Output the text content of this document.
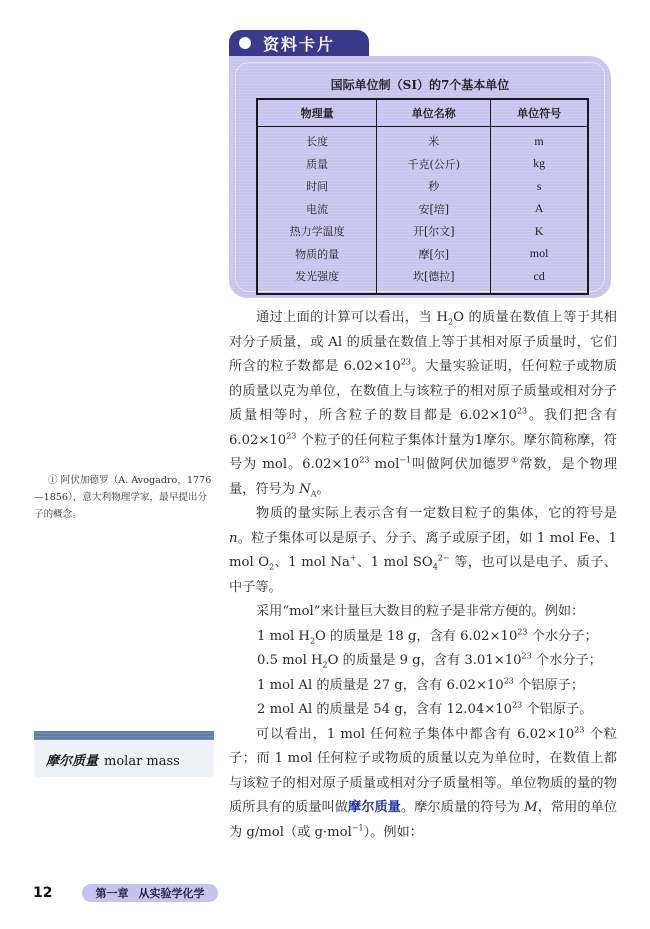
资料卡片
国际单位制（SI）的7个基本单位
物理量	单位名称	单位符号
长度	米	m
质量	千克(公斤)	kg
时间	秒	s
电流	安[培]	A
热力学温度	开[尔文]	K
物质的量	摩[尔]	mol
发光强度	坎[德拉]	cd

通过上面的计算可以看出，当 $H_2O$ 的质量在数值上等于其相对分子质量，或 Al 的质量在数值上等于其相对原子质量时，它们所含的粒子数都是 $6.02\times 10^{23}$。大量实验证明，任何粒子或物质的质量以克为单位，在数值上与该粒子的相对原子质量或相对分子质量相等时，所含粒子的数目都是 $6.02\times 10^{23}$。我们把含有 $6.02\times 10^{23}$ 个粒子的任何粒子集体计量为1摩尔。摩尔简称摩，符号为 mol。$6.02\times 10^{23}$ mol$^{-1}$叫做阿伏加德罗①常数，是个物理量，符号为 $N_A$。

物质的量实际上表示含有一定数目粒子的集体，它的符号是 n。粒子集体可以是原子、分子、离子或原子团，如 1 mol Fe、1 mol $O_2$、1 mol Na+、1 mol $SO_4^{2-}$ 等，也可以是电子、质子、中子等。

采用“mol”来计量巨大数目的粒子是非常方便的。例如：

1 mol $H_2O$ 的质量是 18 g，含有 $6.02\times 10^{23}$ 个水分子；

0.5 mol $H_2O$ 的质量是 9 g，含有 $3.01\times 10^{23}$ 个水分子；

1 mol Al 的质量是 27 g，含有 $6.02\times 10^{23}$ 个铝原子；

2 mol Al 的质量是 54 g，含有 $12.04\times 10^{23}$ 个铝原子。

可以看出，1 mol 任何粒子集体中都含有 $6.02\times 10^{23}$ 个粒子；而 1 mol 任何粒子或物质的质量以克为单位时，在数值上都与该粒子的相对原子质量或相对分子质量相等。单位物质的量的物质所具有的质量叫做摩尔质量。摩尔质量的符号为 M，常用的单位为 g/mol（或 g·mol$^{-1}$）。例如：

① 阿伏加德罗（A. Avogadro，1776—1856），意大利物理学家，最早提出分子的概念。

摩尔质量 molar mass
12	第一章 从实验学化学
